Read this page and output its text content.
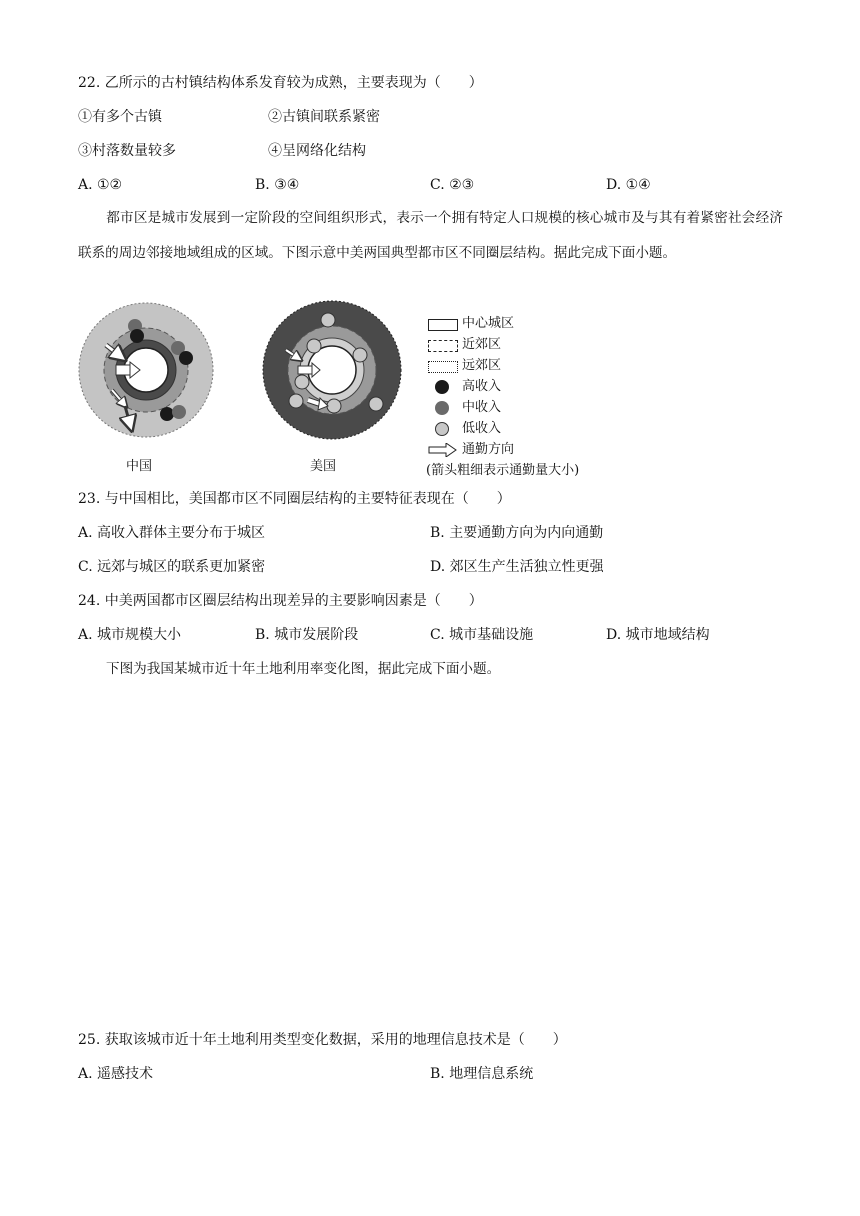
22. 乙所示的古村镇结构体系发育较为成熟，主要表现为（　　）
①有多个古镇	②古镇间联系紧密
③村落数量较多	④呈网络化结构
A. ①②	B. ③④	C. ②③	D. ①④
都市区是城市发展到一定阶段的空间组织形式，表示一个拥有特定人口规模的核心城市及与其有着紧密社会经济联系的周边邻接地域组成的区域。下图示意中美两国典型都市区不同圈层结构。据此完成下面小题。
中国	美国
中心城区
近郊区
远郊区
高收入
中收入
低收入
通勤方向
(箭头粗细表示通勤量大小)
23. 与中国相比，美国都市区不同圈层结构的主要特征表现在（　　）
A. 高收入群体主要分布于城区	B. 主要通勤方向为内向通勤
C. 远郊与城区的联系更加紧密	D. 郊区生产生活独立性更强
24. 中美两国都市区圈层结构出现差异的主要影响因素是（　　）
A. 城市规模大小	B. 城市发展阶段	C. 城市基础设施	D. 城市地域结构
下图为我国某城市近十年土地利用率变化图，据此完成下面小题。
25. 获取该城市近十年土地利用类型变化数据，采用的地理信息技术是（　　）
A. 遥感技术	B. 地理信息系统
